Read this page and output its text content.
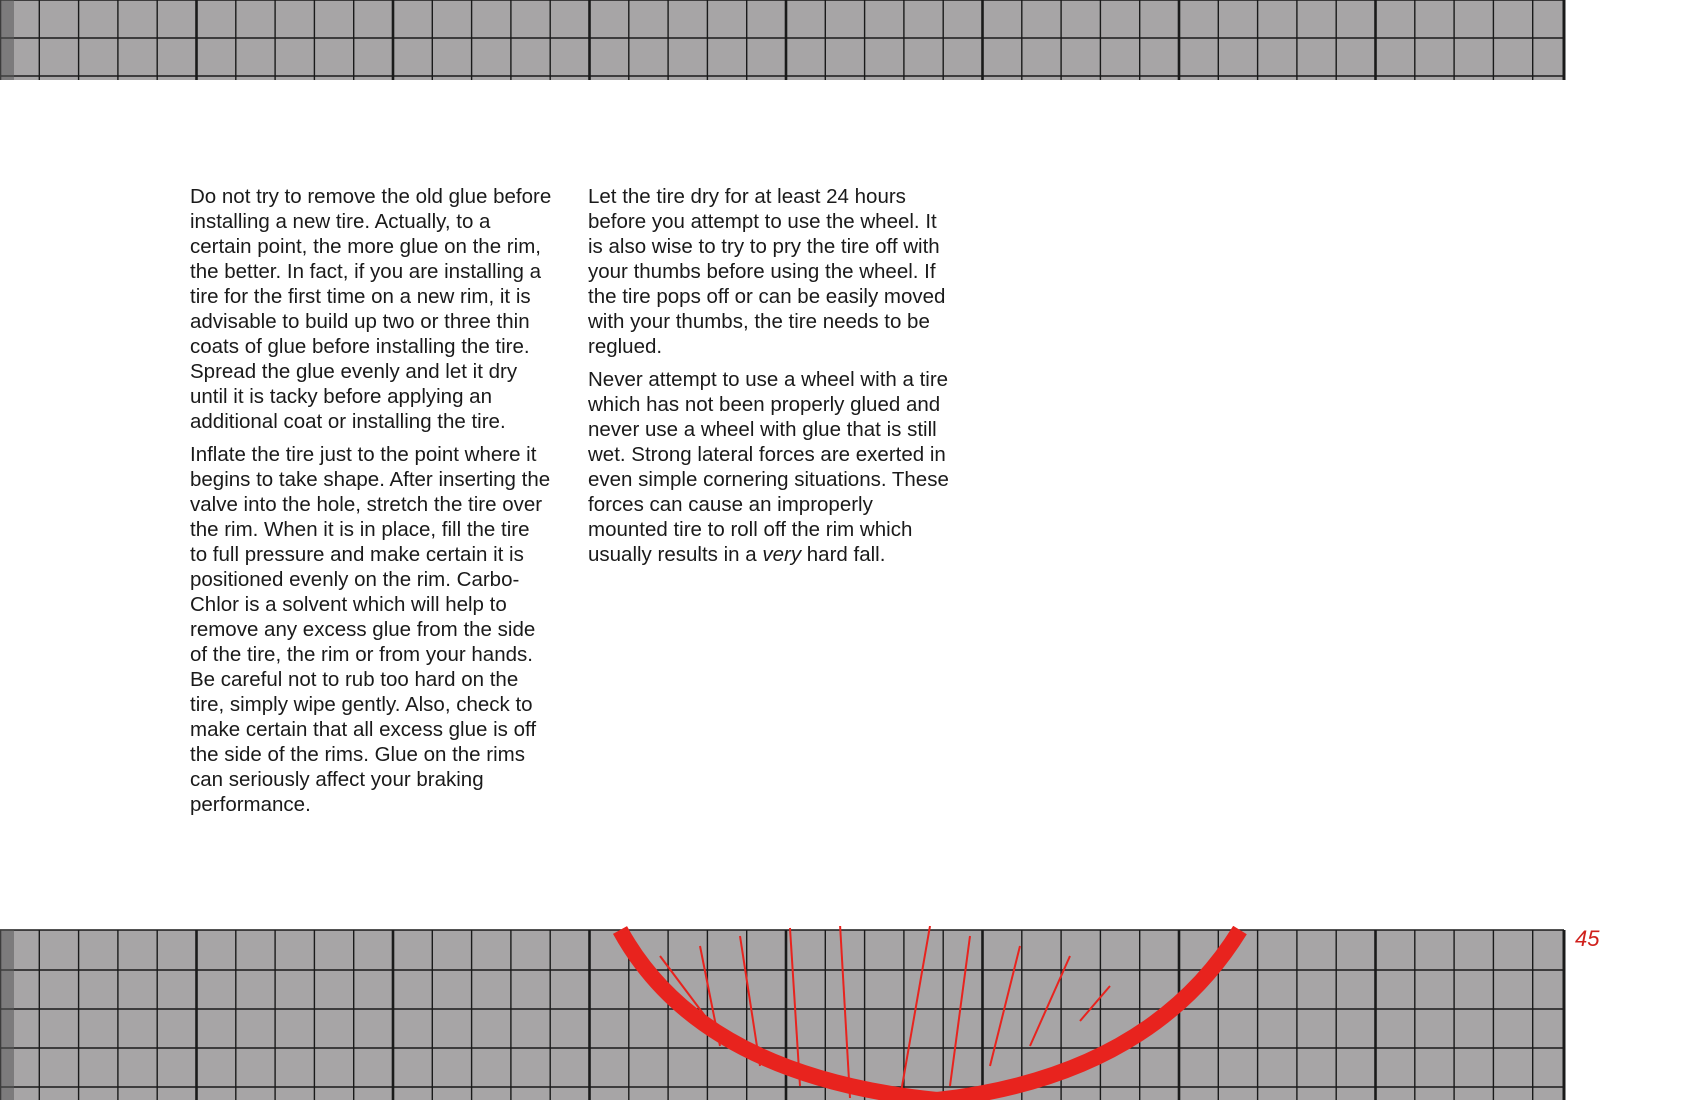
Do not try to remove the old glue before installing a new tire. Actually, to a certain point, the more glue on the rim, the better. In fact, if you are installing a tire for the first time on a new rim, it is advisable to build up two or three thin coats of glue before installing the tire. Spread the glue evenly and let it dry until it is tacky before applying an additional coat or installing the tire.

Inflate the tire just to the point where it begins to take shape. After inserting the valve into the hole, stretch the tire over the rim. When it is in place, fill the tire to full pressure and make certain it is positioned evenly on the rim. Carbo-Chlor is a solvent which will help to remove any excess glue from the side of the tire, the rim or from your hands. Be careful not to rub too hard on the tire, simply wipe gently. Also, check to make certain that all excess glue is off the side of the rims. Glue on the rims can seriously affect your braking performance.

Let the tire dry for at least 24 hours before you attempt to use the wheel. It is also wise to try to pry the tire off with your thumbs before using the wheel. If the tire pops off or can be easily moved with your thumbs, the tire needs to be reglued.

Never attempt to use a wheel with a tire which has not been properly glued and never use a wheel with glue that is still wet. Strong lateral forces are exerted in even simple cornering situations. These forces can cause an improperly mounted tire to roll off the rim which usually results in a very hard fall.

45
